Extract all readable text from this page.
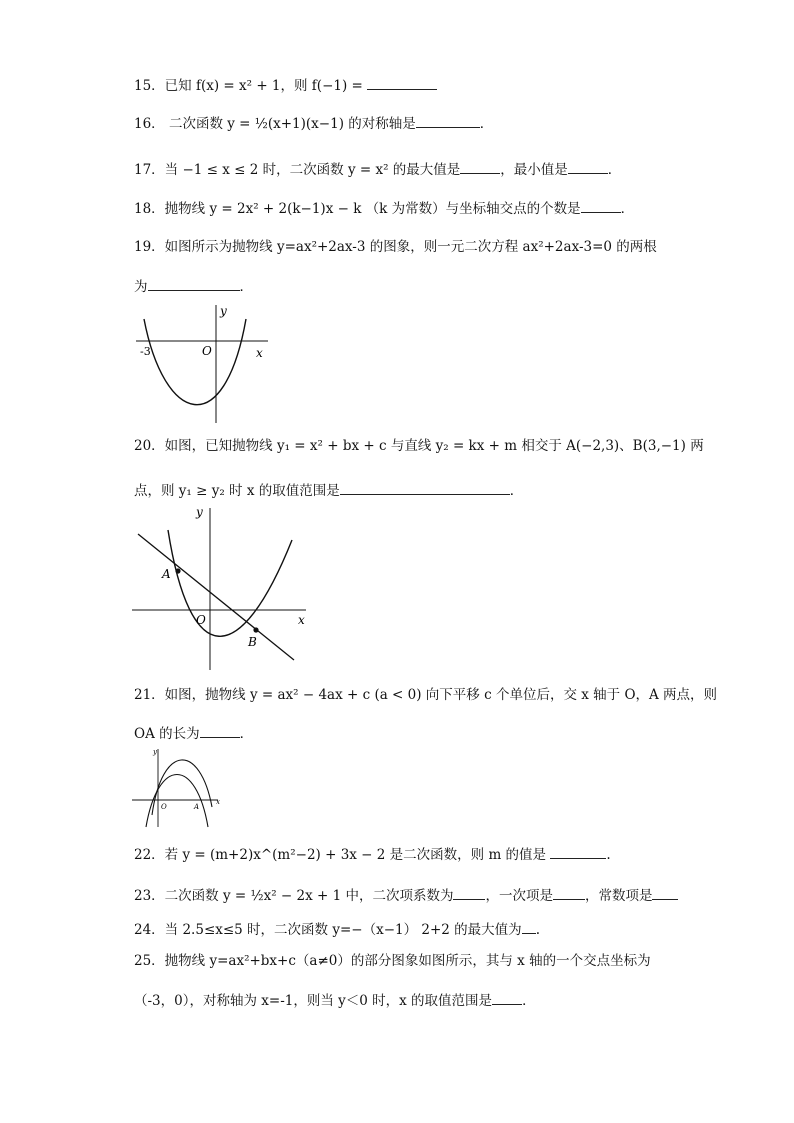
15．已知 f(x) = x² + 1，则 f(−1) =
16． 二次函数 y = ½(x+1)(x−1) 的对称轴是	．
17．当 −1 ≤ x ≤ 2 时，二次函数 y = x² 的最大值是	，最小值是	．
18．抛物线 y = 2x² + 2(k−1)x − k （k 为常数）与坐标轴交点的个数是	．
19．如图所示为抛物线 y=ax²+2ax-3 的图象，则一元二次方程 ax²+2ax-3=0 的两根
为	．
y
x
O
-3
20．如图，已知抛物线 y₁ = x² + bx + c 与直线 y₂ = kx + m 相交于 A(−2,3)、B(3,−1) 两
点，则 y₁ ≥ y₂ 时 x 的取值范围是	．
y
x
O
A
B
21．如图，抛物线 y = ax² − 4ax + c (a < 0) 向下平移 c 个单位后，交 x 轴于 O，A 两点，则
OA 的长为	．
y
x
O	A
22．若 y = (m+2)x^(m²−2) + 3x − 2 是二次函数，则 m 的值是	.
23．二次函数 y = ½x² − 2x + 1 中，二次项系数为 ，一次项是 ，常数项是
24．当 2.5≤x≤5 时，二次函数 y=−（x−1） 2+2 的最大值为 .
25．抛物线 y=ax²+bx+c（a≠0）的部分图象如图所示，其与 x 轴的一个交点坐标为
（-3，0），对称轴为 x=-1，则当 y＜0 时，x 的取值范围是 ．
